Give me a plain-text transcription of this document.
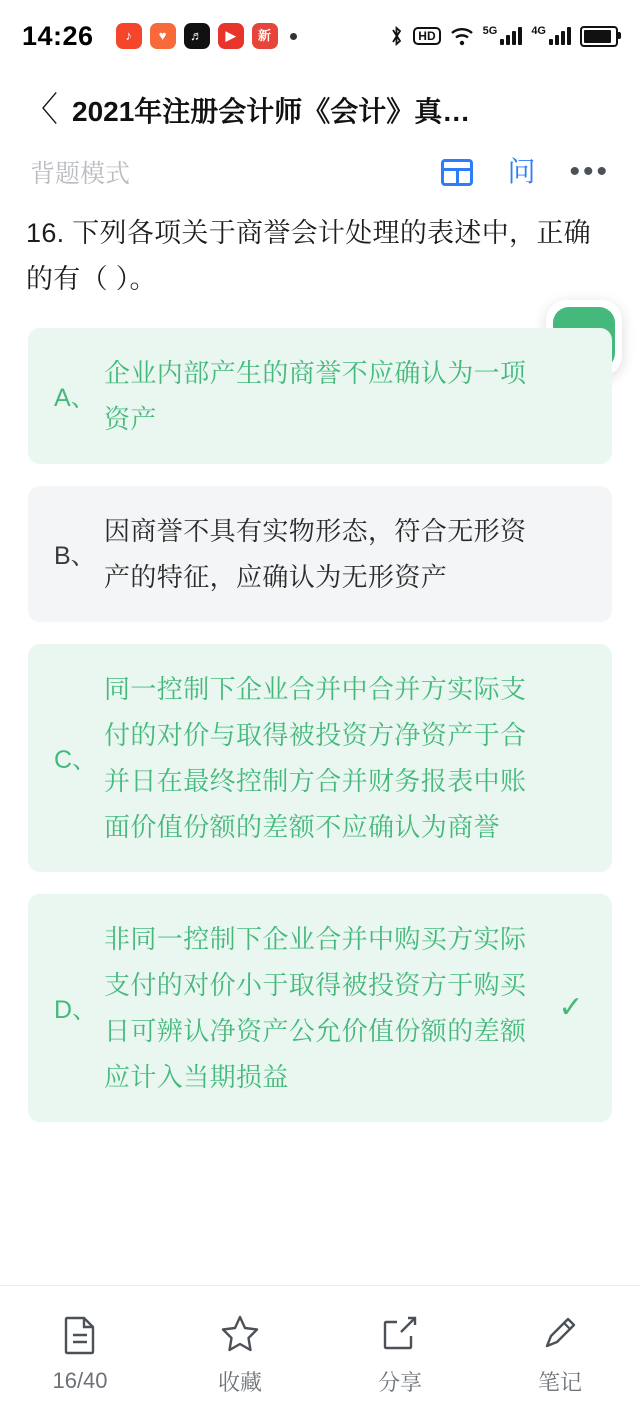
14:26	♪	♥	♬	▶	新	HD	5G	4G
〈 2021年注册会计师《会计》真…
背题模式	问 •••
16. 下列各项关于商誉会计处理的表述中，正确的有（ ）。
A、
企业内部产生的商誉不应确认为一项资产
B、
因商誉不具有实物形态，符合无形资产的特征，应确认为无形资产
C、
同一控制下企业合并中合并方实际支付的对价与取得被投资方净资产于合并日在最终控制方合并财务报表中账面价值份额的差额不应确认为商誉
D、
非同一控制下企业合并中购买方实际支付的对价小于取得被投资方于购买日可辨认净资产公允价值份额的差额应计入当期损益
✓
16/40	收藏	分享	笔记
